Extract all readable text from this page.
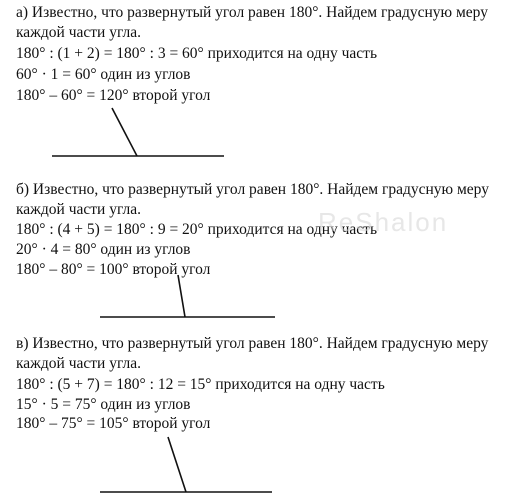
а) Известно, что развернутый угол равен 180°. Найдем градусную меру
каждой части угла.
180° : (1 + 2) = 180° : 3 = 60° приходится на одну часть
60° · 1 = 60° один из углов
180° – 60° = 120° второй угол
б) Известно, что развернутый угол равен 180°. Найдем градусную меру
каждой части угла.
180° : (4 + 5) = 180° : 9 = 20° приходится на одну часть
20° · 4 = 80° один из углов
180° – 80° = 100° второй угол
в) Известно, что развернутый угол равен 180°. Найдем градусную меру
каждой части угла.
180° : (5 + 7) = 180° : 12 = 15° приходится на одну часть
15° · 5 = 75° один из углов
180° – 75° = 105° второй угол
ReShalon
